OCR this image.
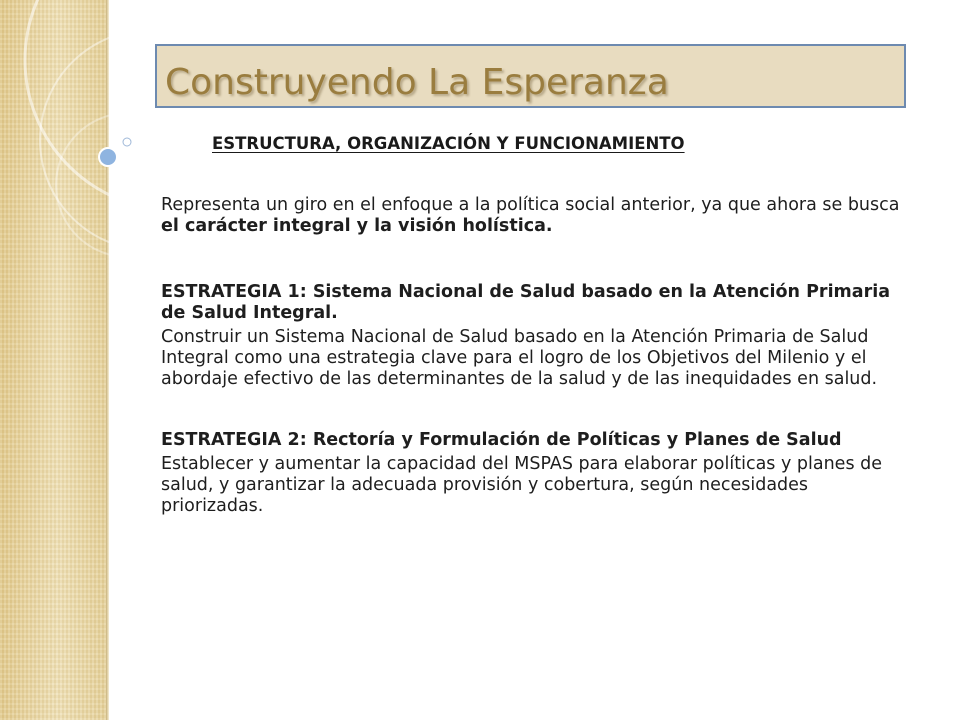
Construyendo La Esperanza
ESTRUCTURA, ORGANIZACIÓN Y FUNCIONAMIENTO

Representa un giro en el enfoque a la política social anterior, ya que ahora se busca el carácter integral y la visión holística.

ESTRATEGIA 1: Sistema Nacional de Salud basado en la Atención Primaria de Salud Integral.

Construir un Sistema Nacional de Salud basado en la Atención Primaria de Salud Integral como una estrategia clave para el logro de los Objetivos del Milenio y el abordaje efectivo de las determinantes de la salud y de las inequidades en salud.

ESTRATEGIA 2: Rectoría y Formulación de Políticas y Planes de Salud

Establecer y aumentar la capacidad del MSPAS para elaborar políticas y planes de salud, y garantizar la adecuada provisión y cobertura, según necesidades priorizadas.
